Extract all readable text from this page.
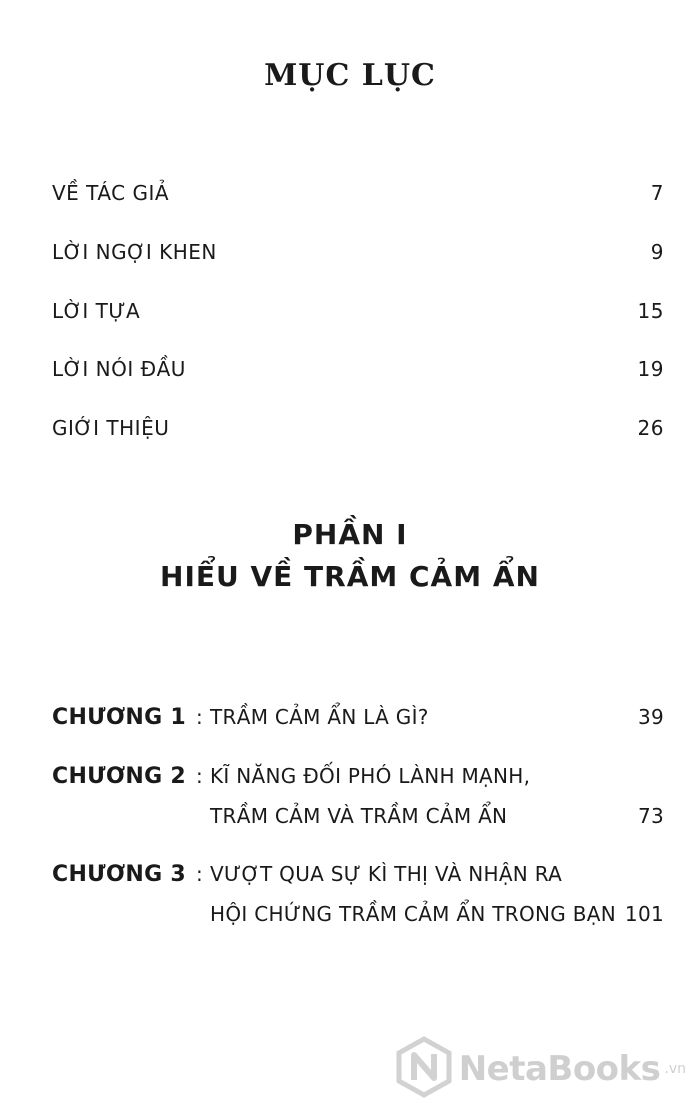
MỤC LỤC
VỀ TÁC GIẢ	7
LỜI NGỢI KHEN	9
LỜI TỰA	15
LỜI NÓI ĐẦU	19
GIỚI THIỆU	26
PHẦN I
HIỂU VỀ TRẦM CẢM ẨN
CHƯƠNG 1 : TRẦM CẢM ẨN LÀ GÌ?	39
CHƯƠNG 2 : KĨ NĂNG ĐỐI PHÓ LÀNH MẠNH,
TRẦM CẢM VÀ TRẦM CẢM ẨN	73
CHƯƠNG 3 : VƯỢT QUA SỰ KÌ THỊ VÀ NHẬN RA
HỘI CHỨNG TRẦM CẢM ẨN TRONG BẠN 101
NetaBooks .vn
